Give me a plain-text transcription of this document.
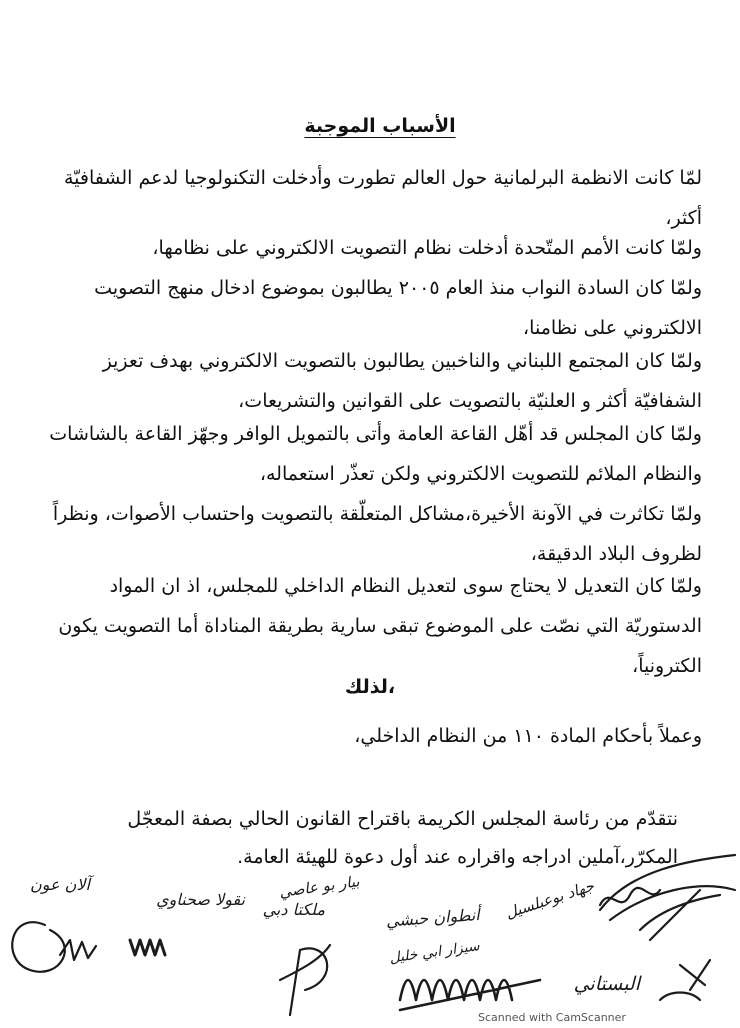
الأسباب الموجبة
لمّا كانت الانظمة البرلمانية حول العالم تطورت وأدخلت التكنولوجيا لدعم الشفافيّة أكثر،
ولمّا كانت الأمم المتّحدة أدخلت نظام التصويت الالكتروني على نظامها،
ولمّا كان السادة النواب منذ العام ٢٠٠٥ يطالبون بموضوع ادخال منهج التصويت الالكتروني على نظامنا،
ولمّا كان المجتمع اللبناني والناخبين يطالبون بالتصويت الالكتروني بهدف تعزيز الشفافيّة أكثر و العلنيّة بالتصويت على القوانين والتشريعات،
ولمّا كان المجلس قد أهّل القاعة العامة وأتى بالتمويل الوافر وجهّز القاعة بالشاشات والنظام الملائم للتصويت الالكتروني ولكن تعذّر استعماله،
ولمّا تكاثرت في الآونة الأخيرة،مشاكل المتعلّقة بالتصويت واحتساب الأصوات، ونظراً لظروف البلاد الدقيقة،
ولمّا كان التعديل لا يحتاج سوى لتعديل النظام الداخلي للمجلس، اذ ان المواد الدستوريّة التي نصّت على الموضوع تبقى سارية بطريقة المناداة أما التصويت يكون الكترونياً،
لذلك،
وعملاً بأحكام المادة ١١٠ من النظام الداخلي،
نتقدّم من رئاسة المجلس الكريمة باقتراح القانون الحالي بصفة المعجّل المكرّر،آملين ادراجه واقراره عند أول دعوة للهيئة العامة.
جهاد بوعبلسيل
أنطوان حبشي
بيار بو عاصي
ملكتا دبي
نقولا صحناوي
آلان عون
سيزار ابي خليل
البستاني
Scanned with CamScanner
